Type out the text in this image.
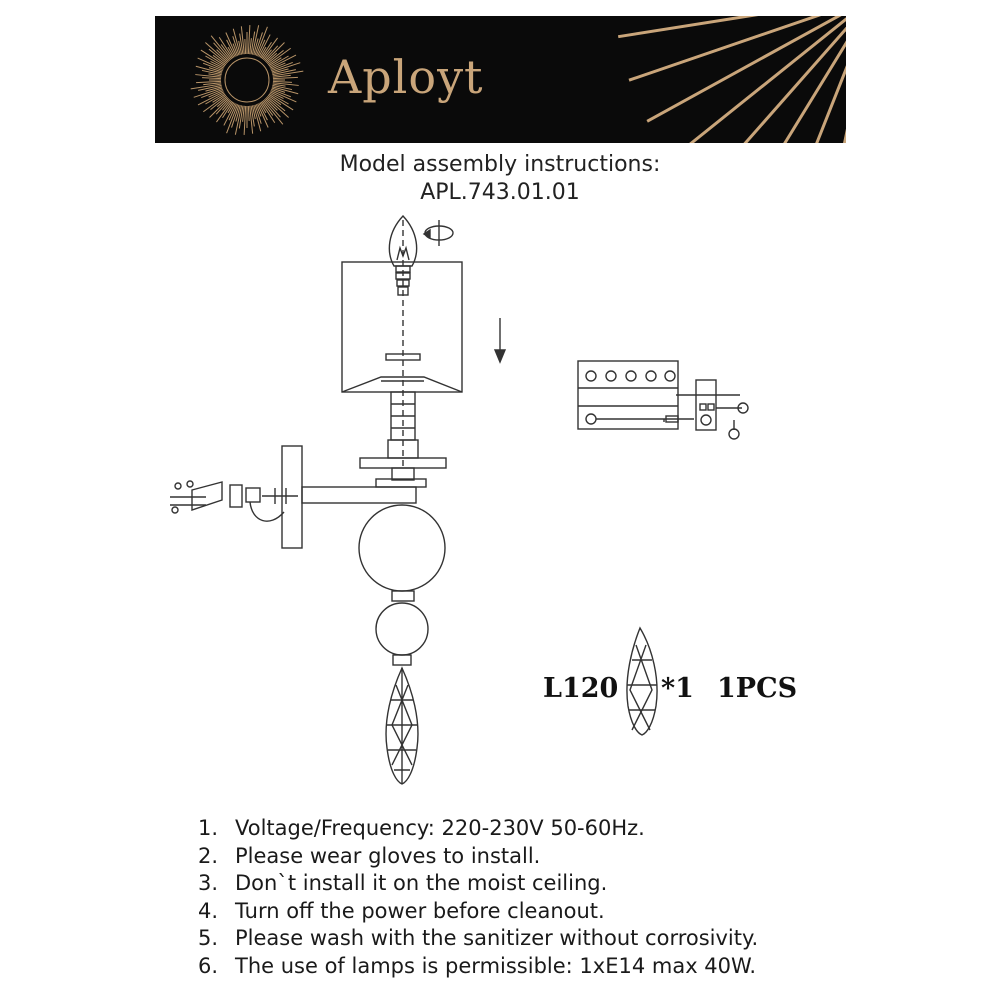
Aployt
Model assembly instructions:
APL.743.01.01
L120 *1 1PCS
1. Voltage/Frequency: 220-230V 50-60Hz.
2. Please wear gloves to install.
3. Don`t install it on the moist ceiling.
4. Turn off the power before cleanout.
5. Please wash with the sanitizer without corrosivity.
6. The use of lamps is permissible: 1xE14 max 40W.
